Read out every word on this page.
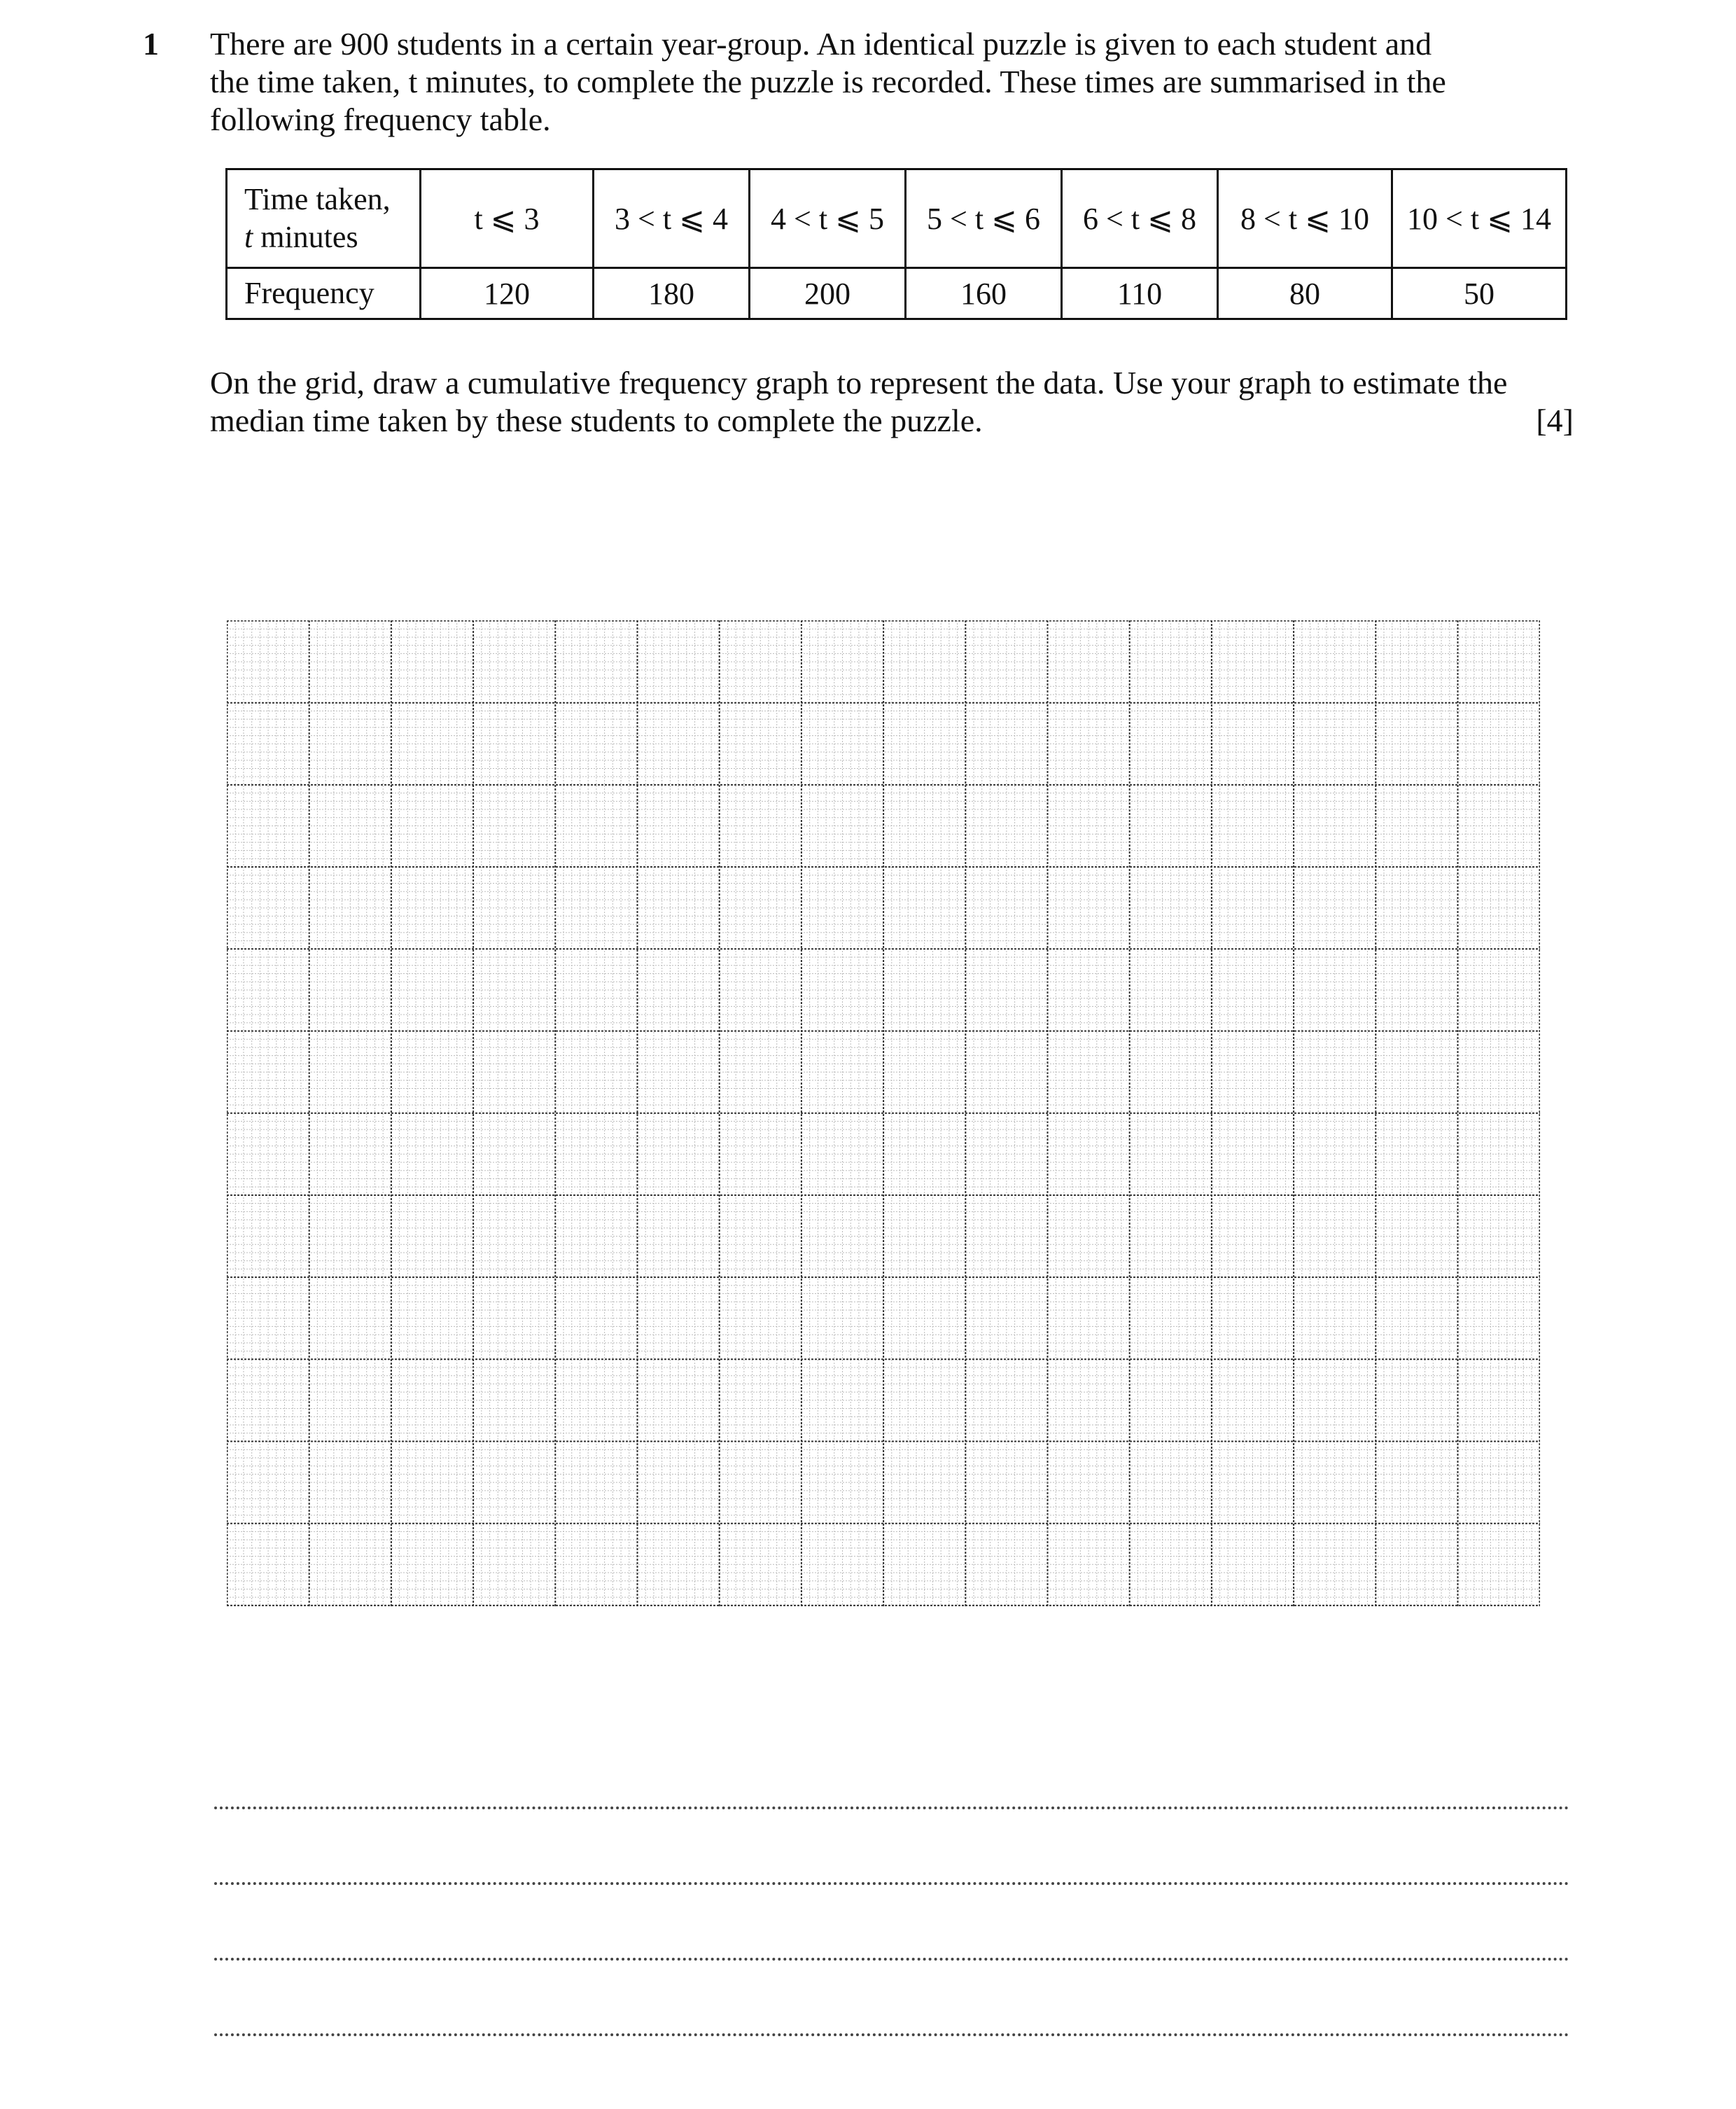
1 There are 900 students in a certain year-group. An identical puzzle is given to each student and
the time taken, t minutes, to complete the puzzle is recorded. These times are summarised in the
following frequency table.
Time taken,
t minutes	t ⩽ 3	3 < t ⩽ 4	4 < t ⩽ 5	5 < t ⩽ 6	6 < t ⩽ 8	8 < t ⩽ 10	10 < t ⩽ 14
Frequency	120	180	200	160	110	80	50
On the grid, draw a cumulative frequency graph to represent the data. Use your graph to estimate the
median time taken by these students to complete the puzzle.	[4]
